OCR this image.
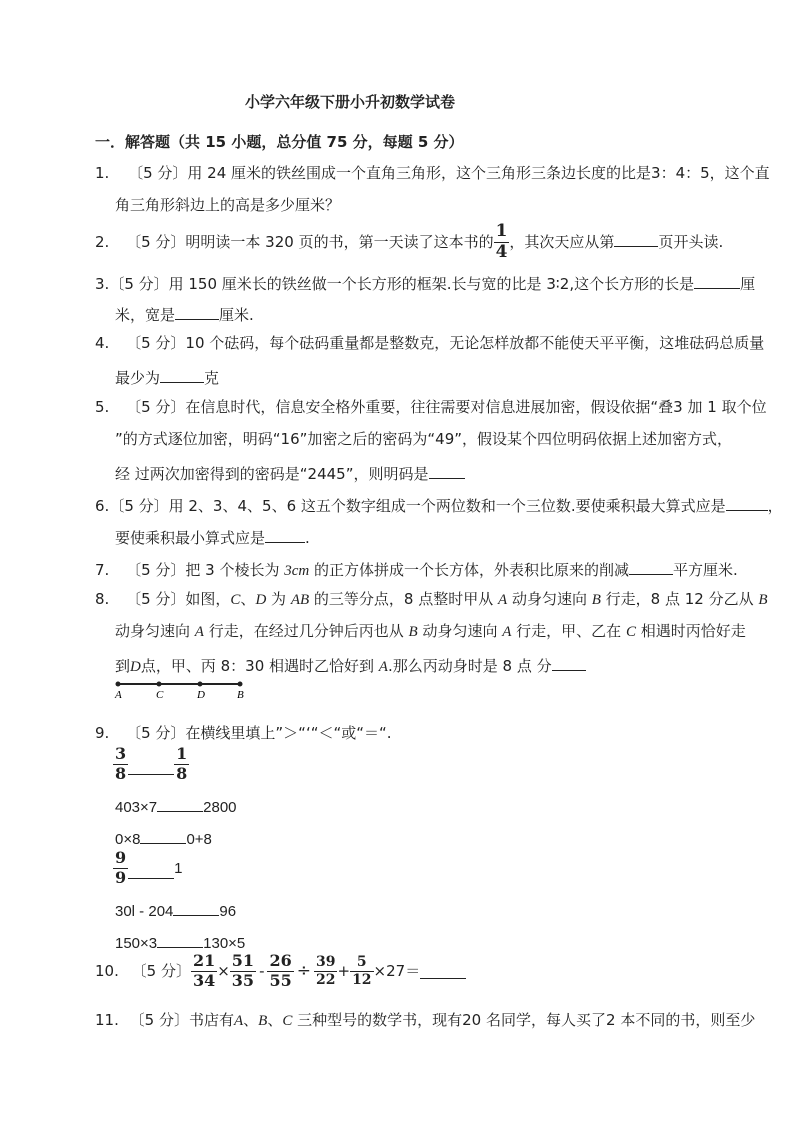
小学六年级下册小升初数学试卷
一．解答题（共 15 小题，总分值 75 分，每题 5 分）
1. 〔5 分〕用 24 厘米的铁丝围成一个直角三角形，这个三角形三条边长度的比是3：4：5，这个直
角三角形斜边上的高是多少厘米？
2. 〔5 分〕明明读一本 320 页的书，第一天读了这本书的 $\frac{1}{4}$ ，其次天应从第	页开头读.
3.〔5 分〕用 150 厘米长的铁丝做一个长方形的框架.长与宽的比是 3∶2,这个长方形的长是	厘
米，宽是	厘米.
4. 〔5 分〕10 个砝码，每个砝码重量都是整数克，无论怎样放都不能使天平平衡，这堆砝码总质量
最少为	克
5. 〔5 分〕在信息时代，信息安全格外重要，往往需要对信息进展加密，假设依据“叠3 加 1 取个位
”的方式逐位加密，明码“16”加密之后的密码为“49”，假设某个四位明码依据上述加密方式，
经 过两次加密得到的密码是“2445”，则明码是
6.〔5 分〕用 2、3、4、5、6 这五个数字组成一个两位数和一个三位数.要使乘积最大算式应是	，
要使乘积最小算式应是	.
7. 〔5 分〕把 3 个棱长为 3cm 的正方体拼成一个长方体，外表积比原来的削减	平方厘米.
8. 〔5 分〕如图，C、D 为 AB 的三等分点，8 点整时甲从 A 动身匀速向 B 行走，8 点 12 分乙从 B
动身匀速向 A 行走，在经过几分钟后丙也从 B 动身匀速向 A 行走，甲、乙在 C 相遇时丙恰好走
到D点，甲、丙 8：30 相遇时乙恰好到 A.那么丙动身时是 8 点 分
A	C	D	B
9. 〔5 分〕在横线里填上”＞“‘“＜“或“＝“.
$\frac{3}{8}$	$\frac{1}{8}$
403×7	2800
0×8	0+8
$\frac{9}{9}$	1
30l - 204	96
150×3	130×5
10. 〔5 分〕 $\frac{21}{34} \times \frac{51}{35} - \frac{26}{55} \div \frac{39}{22} + \frac{5}{12} \times 27=$
11. 〔5 分〕书店有A、B、C 三种型号的数学书，现有20 名同学，每人买了2 本不同的书，则至少
